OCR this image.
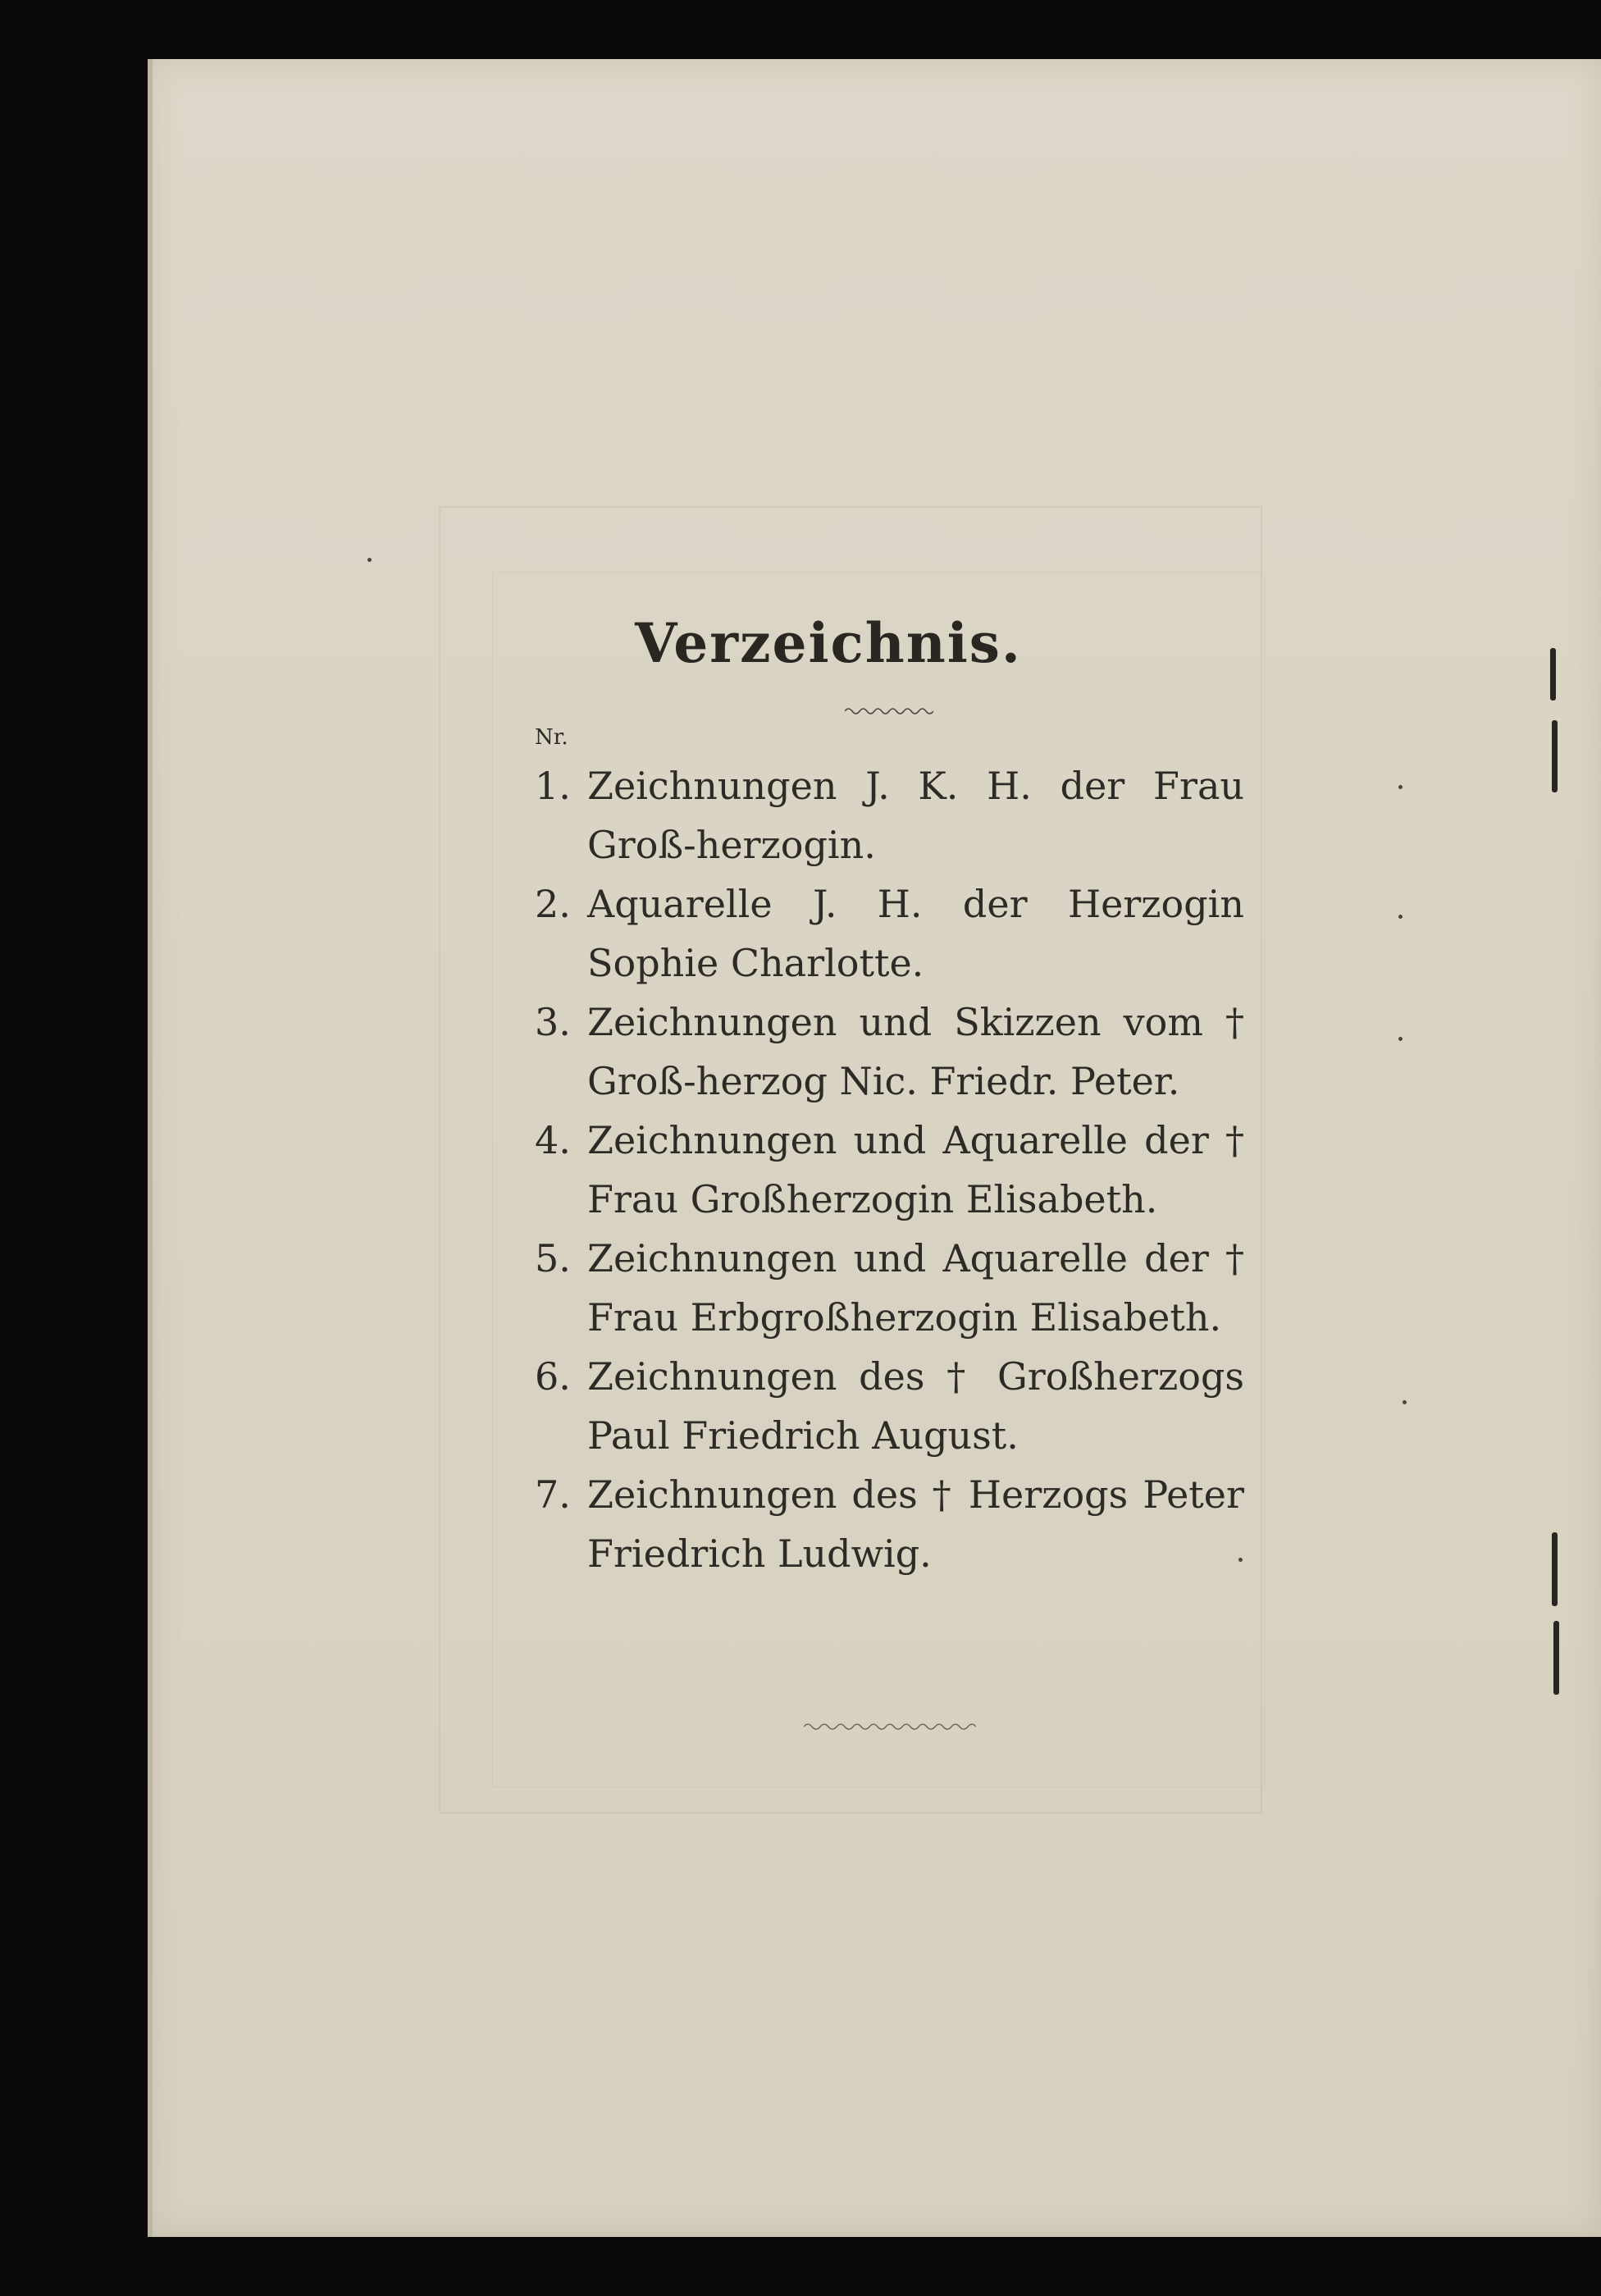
Verzeichnis.
Nr.
1. Zeichnungen J. K. H. der Frau Groß-herzogin.
2. Aquarelle J. H. der Herzogin Sophie Charlotte.
3. Zeichnungen und Skizzen vom † Groß-herzog Nic. Friedr. Peter.
4. Zeichnungen und Aquarelle der † Frau Großherzogin Elisabeth.
5. Zeichnungen und Aquarelle der † Frau Erbgroßherzogin Elisabeth.
6. Zeichnungen des † Großherzogs Paul Friedrich August.
7. Zeichnungen des † Herzogs Peter Friedrich Ludwig.
